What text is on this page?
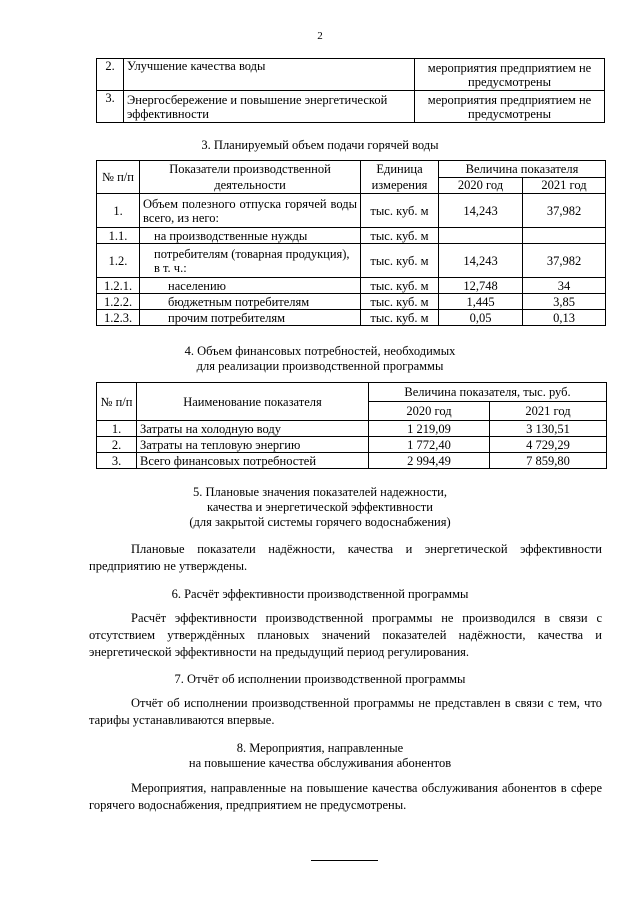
2
2.	Улучшение качества воды	мероприятия предприятием не предусмотрены
3.	Энергосбережение и повышение энергетической эффективности	мероприятия предприятием не предусмотрены
3. Планируемый объем подачи горячей воды
№ п/п	Показатели производственной деятельности	Единица измерения	Величина показателя	
			2020 год	2021 год
1.	Объем полезного отпуска горячей воды всего, из него:	тыс. куб. м	14,243	37,982
1.1.	на производственные нужды	тыс. куб. м		
1.2.	потребителям (товарная продукция), в т. ч.:	тыс. куб. м	14,243	37,982
1.2.1.	населению	тыс. куб. м	12,748	34
1.2.2.	бюджетным потребителям	тыс. куб. м	1,445	3,85
1.2.3.	прочим потребителям	тыс. куб. м	0,05	0,13
4. Объем финансовых потребностей, необходимых
для реализации производственной программы
№ п/п	Наименование показателя	Величина показателя, тыс. руб.	
		2020 год	2021 год
1.	Затраты на холодную воду	1 219,09	3 130,51
2.	Затраты на тепловую энергию	1 772,40	4 729,29
3.	Всего финансовых потребностей	2 994,49	7 859,80
5. Плановые значения показателей надежности,
качества и энергетической эффективности
(для закрытой системы горячего водоснабжения)
Плановые показатели надёжности, качества и энергетической эффективности предприятию не утверждены.
6. Расчёт эффективности производственной программы
Расчёт эффективности производственной программы не производился в связи с отсутствием утверждённых плановых значений показателей надёжности, качества и энергетической эффективности на предыдущий период регулирования.
7. Отчёт об исполнении производственной программы
Отчёт об исполнении производственной программы не представлен в связи с тем, что тарифы устанавливаются впервые.
8. Мероприятия, направленные
на повышение качества обслуживания абонентов
Мероприятия, направленные на повышение качества обслуживания абонентов в сфере горячего водоснабжения, предприятием не предусмотрены.
